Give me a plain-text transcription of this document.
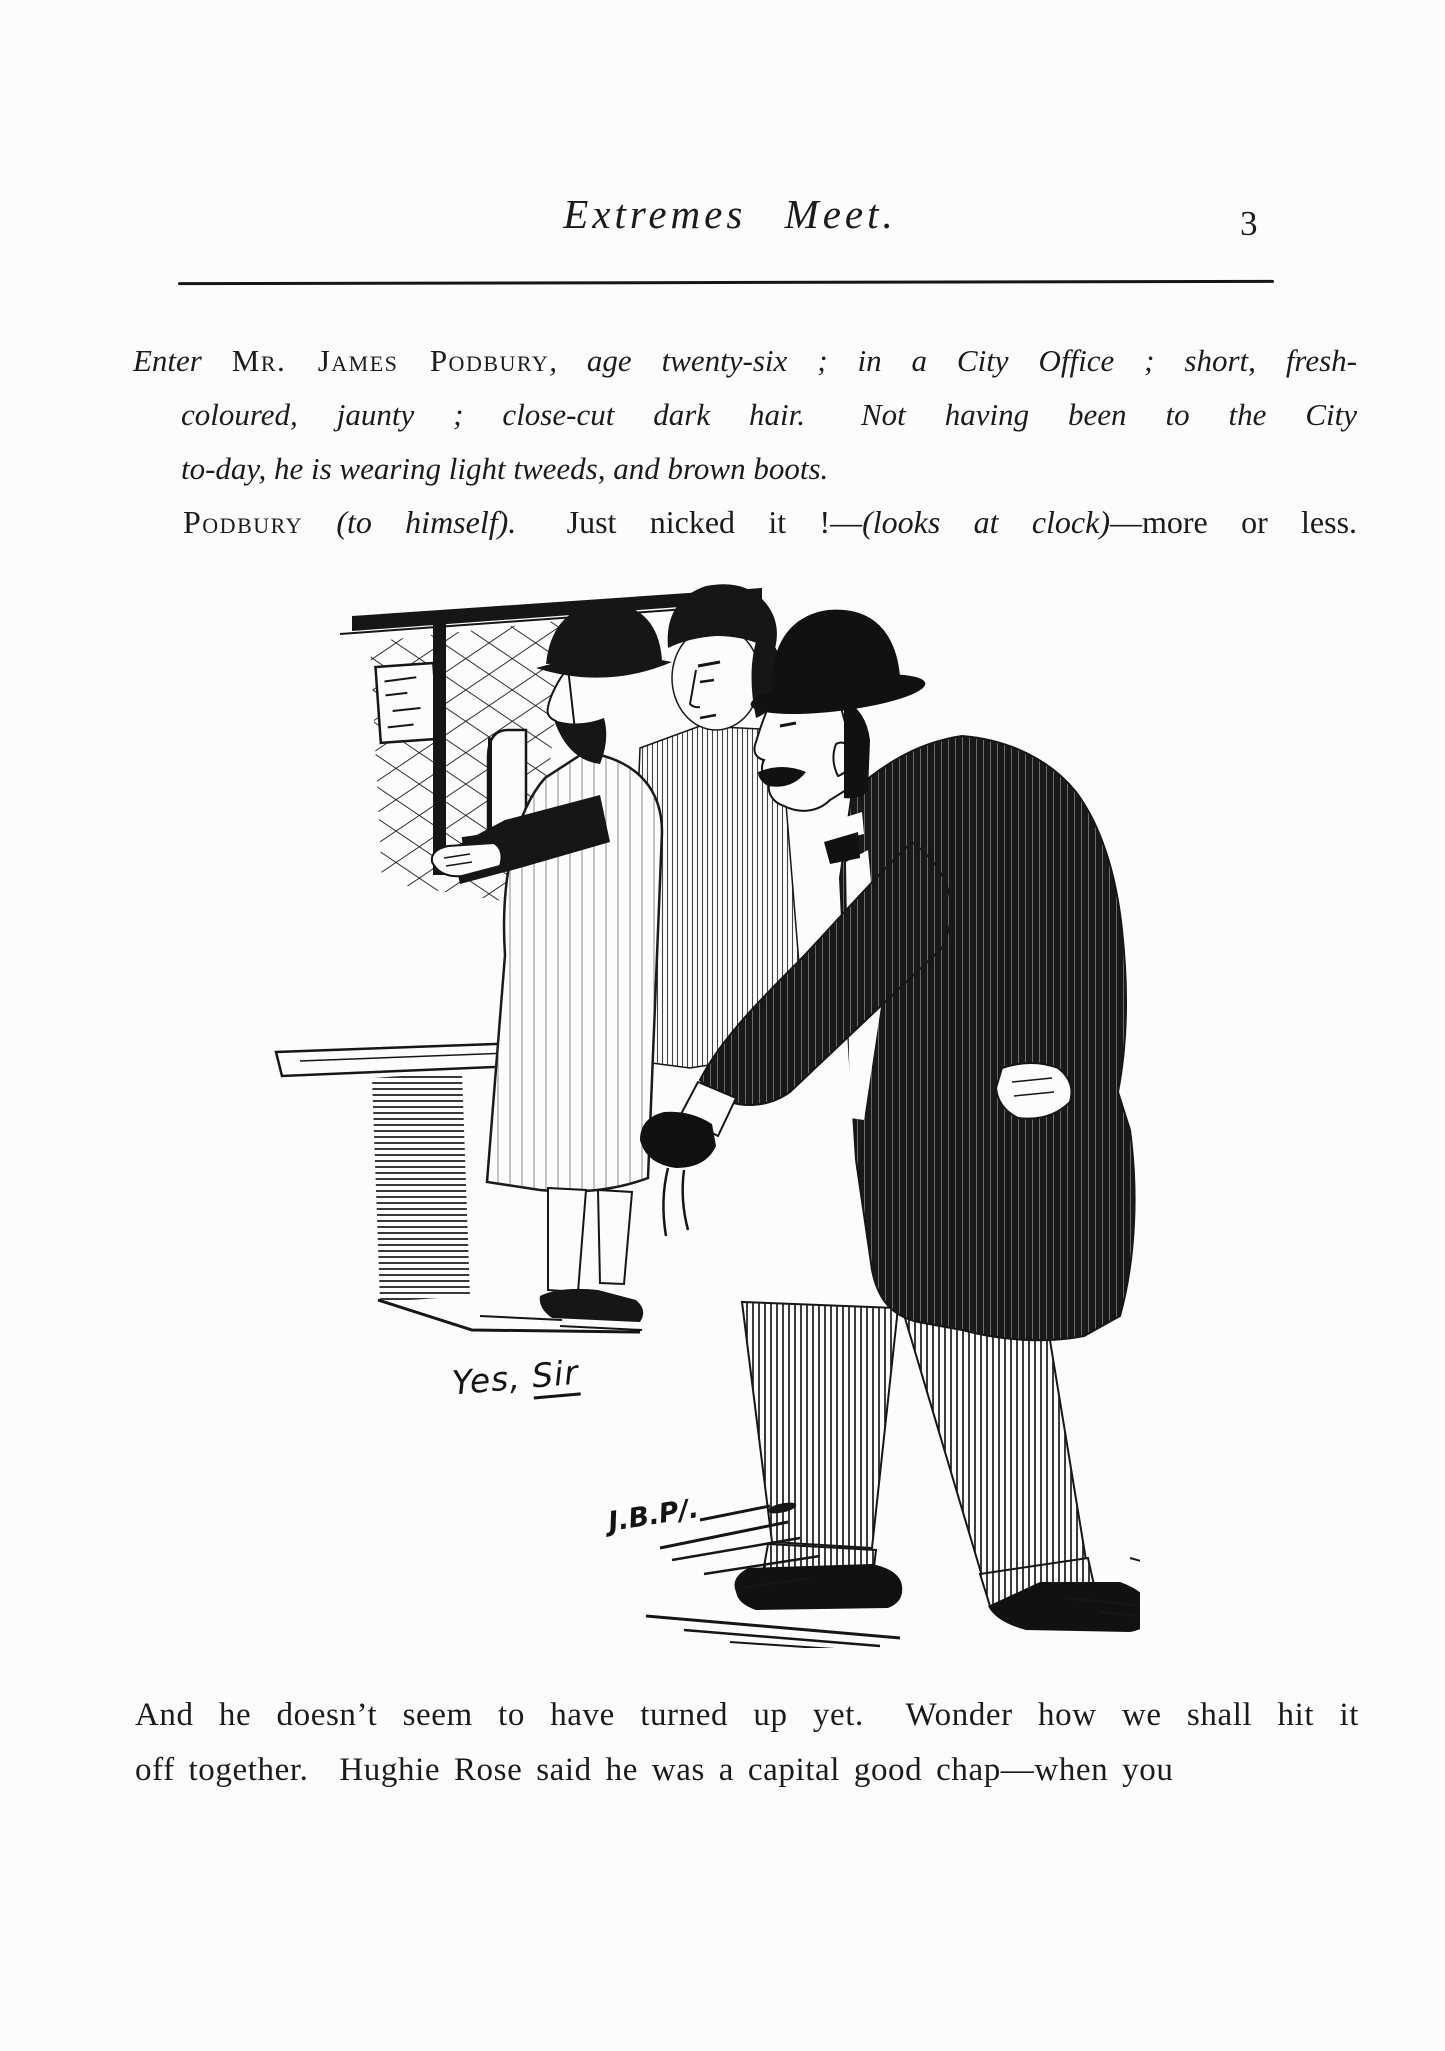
Extremes Meet.	3
Enter Mr. James Podbury, age twenty-six ; in a City Office ; short, fresh-
coloured, jaunty ; close-cut dark hair. Not having been to the City
to-day, he is wearing light tweeds, and brown boots.
Podbury (to himself). Just nicked it !—(looks at clock)—more or less.
Yes, Sir
J.B.P/.
And he doesn’t seem to have turned up yet. Wonder how we shall hit it
off together. Hughie Rose said he was a capital good chap—when you
